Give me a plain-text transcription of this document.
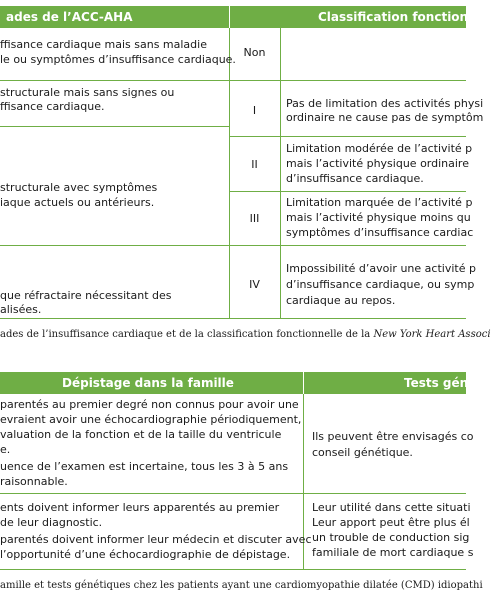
ades de l’ACC-AHA	Classification fonctionnelle
ffisance cardiaque mais sans maladie
le ou symptômes d’insuffisance cardiaque.
structurale mais sans signes ou
ffisance cardiaque.
structurale avec symptômes
iaque actuels ou antérieurs.
que réfractaire nécessitant des
alisées.
Non
I
II
III
IV
Pas de limitation des activités physi
ordinaire ne cause pas de symptôm
Limitation modérée de l’activité p
mais l’activité physique ordinaire
d’insuffisance cardiaque.
Limitation marquée de l’activité p
mais l’activité physique moins qu
symptômes d’insuffisance cardiac
Impossibilité d’avoir une activité p
d’insuffisance cardiaque, ou symp
cardiaque au repos.
ades de l’insuffisance cardiaque et de la classification fonctionnelle de la New York Heart Associ
Dépistage dans la famille	Tests gén
parentés au premier degré non connus pour avoir une
evraient avoir une échocardiographie périodiquement,
valuation de la fonction et de la taille du ventricule
e.
uence de l’examen est incertaine, tous les 3 à 5 ans
raisonnable.
Ils peuvent être envisagés co
conseil génétique.
ents doivent informer leurs apparentés au premier
de leur diagnostic.
parentés doivent informer leur médecin et discuter avec
l’opportunité d’une échocardiographie de dépistage.
Leur utilité dans cette situati
Leur apport peut être plus él
un trouble de conduction sig
familiale de mort cardiaque s
amille et tests génétiques chez les patients ayant une cardiomyopathie dilatée (CMD) idiopathi
